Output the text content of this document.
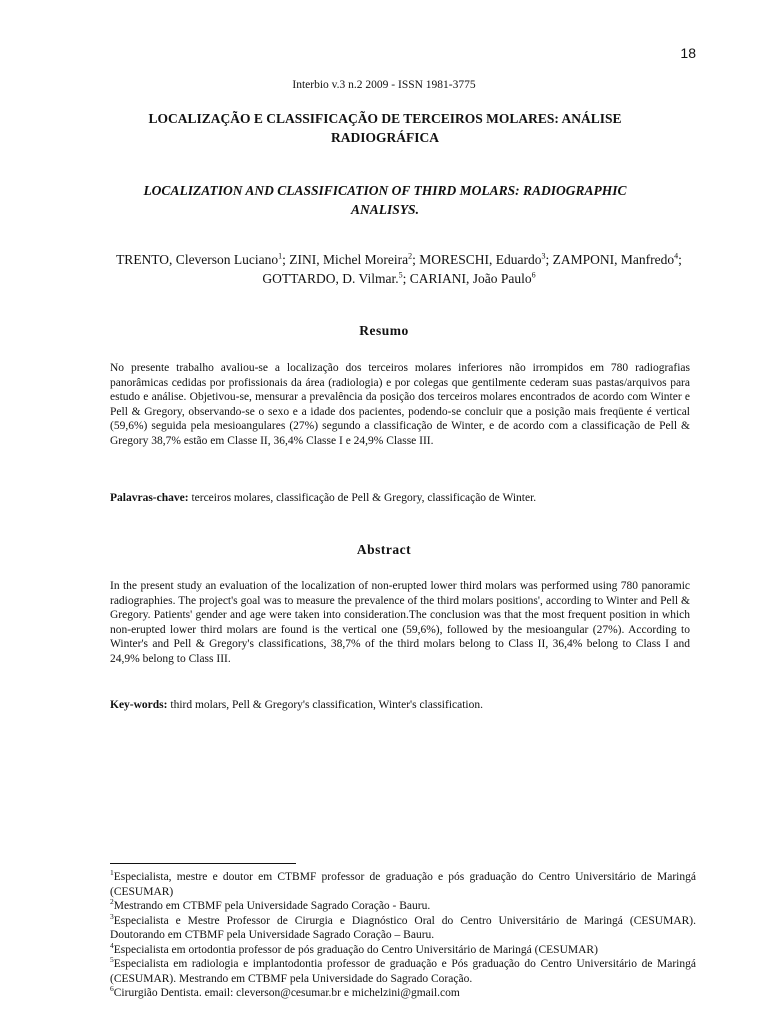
18
Interbio v.3 n.2 2009 - ISSN 1981-3775
LOCALIZAÇÃO E CLASSIFICAÇÃO DE TERCEIROS MOLARES: ANÁLISE RADIOGRÁFICA
LOCALIZATION AND CLASSIFICATION OF THIRD MOLARS: RADIOGRAPHIC ANALISYS.
TRENTO, Cleverson Luciano$^1$; ZINI, Michel Moreira$^2$; MORESCHI, Eduardo$^3$; ZAMPONI, Manfredo$^4$; GOTTARDO, D. Vilmar.$^5$; CARIANI, João Paulo$^6$
Resumo
No presente trabalho avaliou-se a localização dos terceiros molares inferiores não irrompidos em 780 radiografias panorâmicas cedidas por profissionais da área (radiologia) e por colegas que gentilmente cederam suas pastas/arquivos para estudo e análise. Objetivou-se, mensurar a prevalência da posição dos terceiros molares encontrados de acordo com Winter e Pell & Gregory, observando-se o sexo e a idade dos pacientes, podendo-se concluir que a posição mais freqüente é vertical (59,6%) seguida pela mesioangulares (27%) segundo a classificação de Winter, e de acordo com a classificação de Pell & Gregory 38,7% estão em Classe II, 36,4% Classe I e 24,9% Classe III.
Palavras-chave: terceiros molares, classificação de Pell & Gregory, classificação de Winter.
Abstract
In the present study an evaluation of the localization of non-erupted lower third molars was performed using 780 panoramic radiographies. The project's goal was to measure the prevalence of the third molars positions', according to Winter and Pell & Gregory. Patients' gender and age were taken into consideration.The conclusion was that the most frequent position in which non-erupted lower third molars are found is the vertical one (59,6%), followed by the mesioangular (27%). According to Winter's and Pell & Gregory's classifications, 38,7% of the third molars belong to Class II, 36,4% belong to Class I and 24,9% belong to Class III.
Key-words: third molars, Pell & Gregory's classification, Winter's classification.
$^1$Especialista, mestre e doutor em CTBMF professor de graduação e pós graduação do Centro Universitário de Maringá (CESUMAR)
$^2$Mestrando em CTBMF pela Universidade Sagrado Coração - Bauru.
$^3$Especialista e Mestre Professor de Cirurgia e Diagnóstico Oral do Centro Universitário de Maringá (CESUMAR). Doutorando em CTBMF pela Universidade Sagrado Coração – Bauru.
$^4$Especialista em ortodontia professor de pós graduação do Centro Universitário de Maringá (CESUMAR)
$^5$Especialista em radiologia e implantodontia professor de graduação e Pós graduação do Centro Universitário de Maringá (CESUMAR). Mestrando em CTBMF pela Universidade do Sagrado Coração.
$^6$Cirurgião Dentista. email: cleverson@cesumar.br e michelzini@gmail.com
